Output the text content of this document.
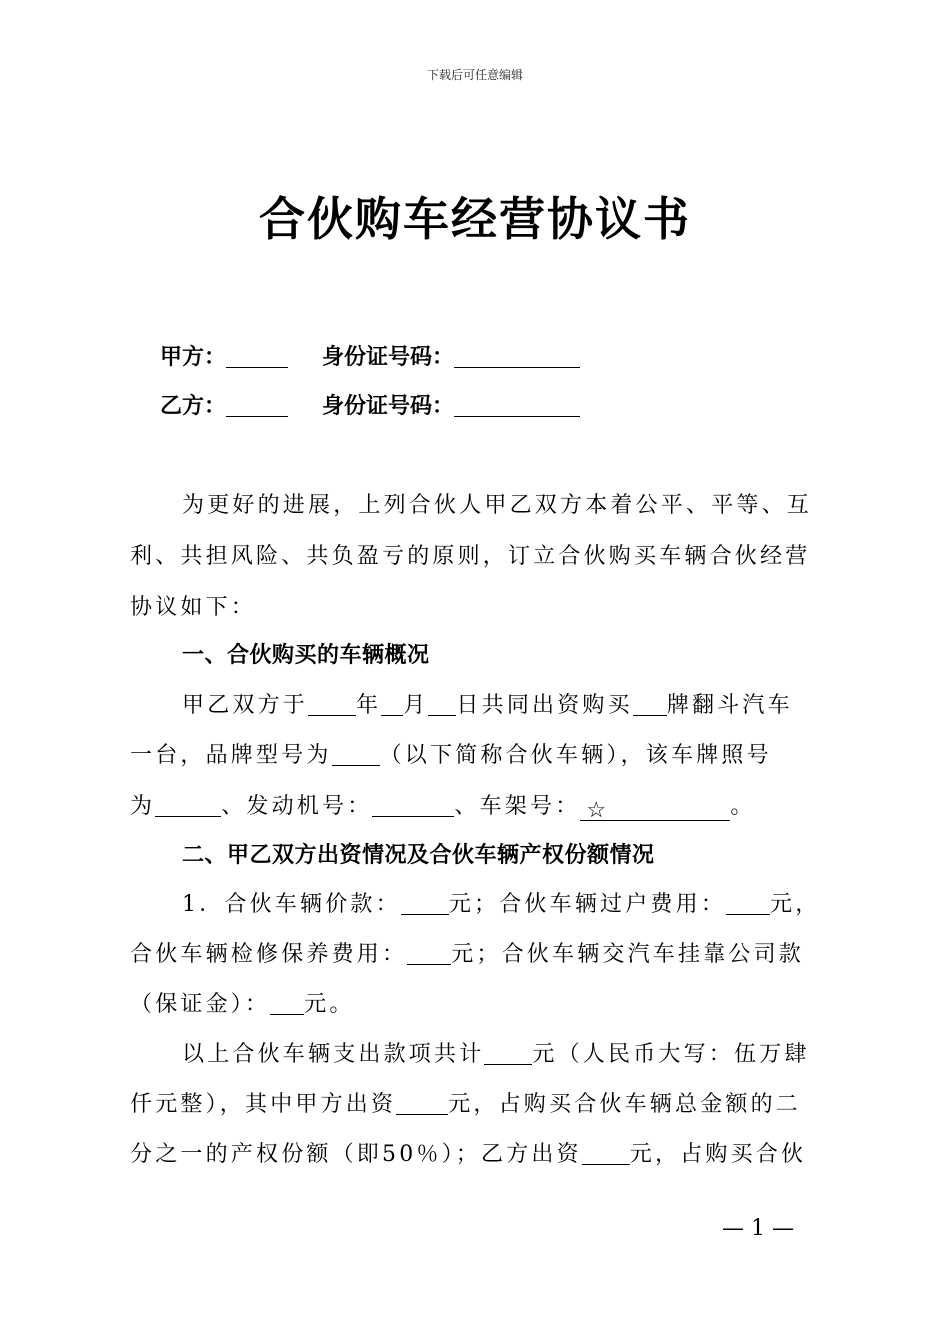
下载后可任意编辑
合伙购车经营协议书
甲方：	身份证号码：
乙方：	身份证号码：
为更好的进展，上列合伙人甲乙双方本着公平、平等、互
利、共担风险、共负盈亏的原则，订立合伙购买车辆合伙经营
协议如下：
一、合伙购买的车辆概况
甲乙双方于 年 月 日共同出资购买 牌翻斗汽车
一台，品牌型号为 （以下简称合伙车辆），该车牌照号
为	、发动机号：	、车架号： ☆	。
二、甲乙双方出资情况及合伙车辆产权份额情况
1．合伙车辆价款： 元；合伙车辆过户费用： 元，
合伙车辆检修保养费用： 元；合伙车辆交汽车挂靠公司款
（保证金）： 元。
以上合伙车辆支出款项共计 元（人民币大写：伍万肆
仟元整），其中甲方出资 元，占购买合伙车辆总金额的二
分之一的产权份额（即50％）；乙方出资 元，占购买合伙
— 1 —
